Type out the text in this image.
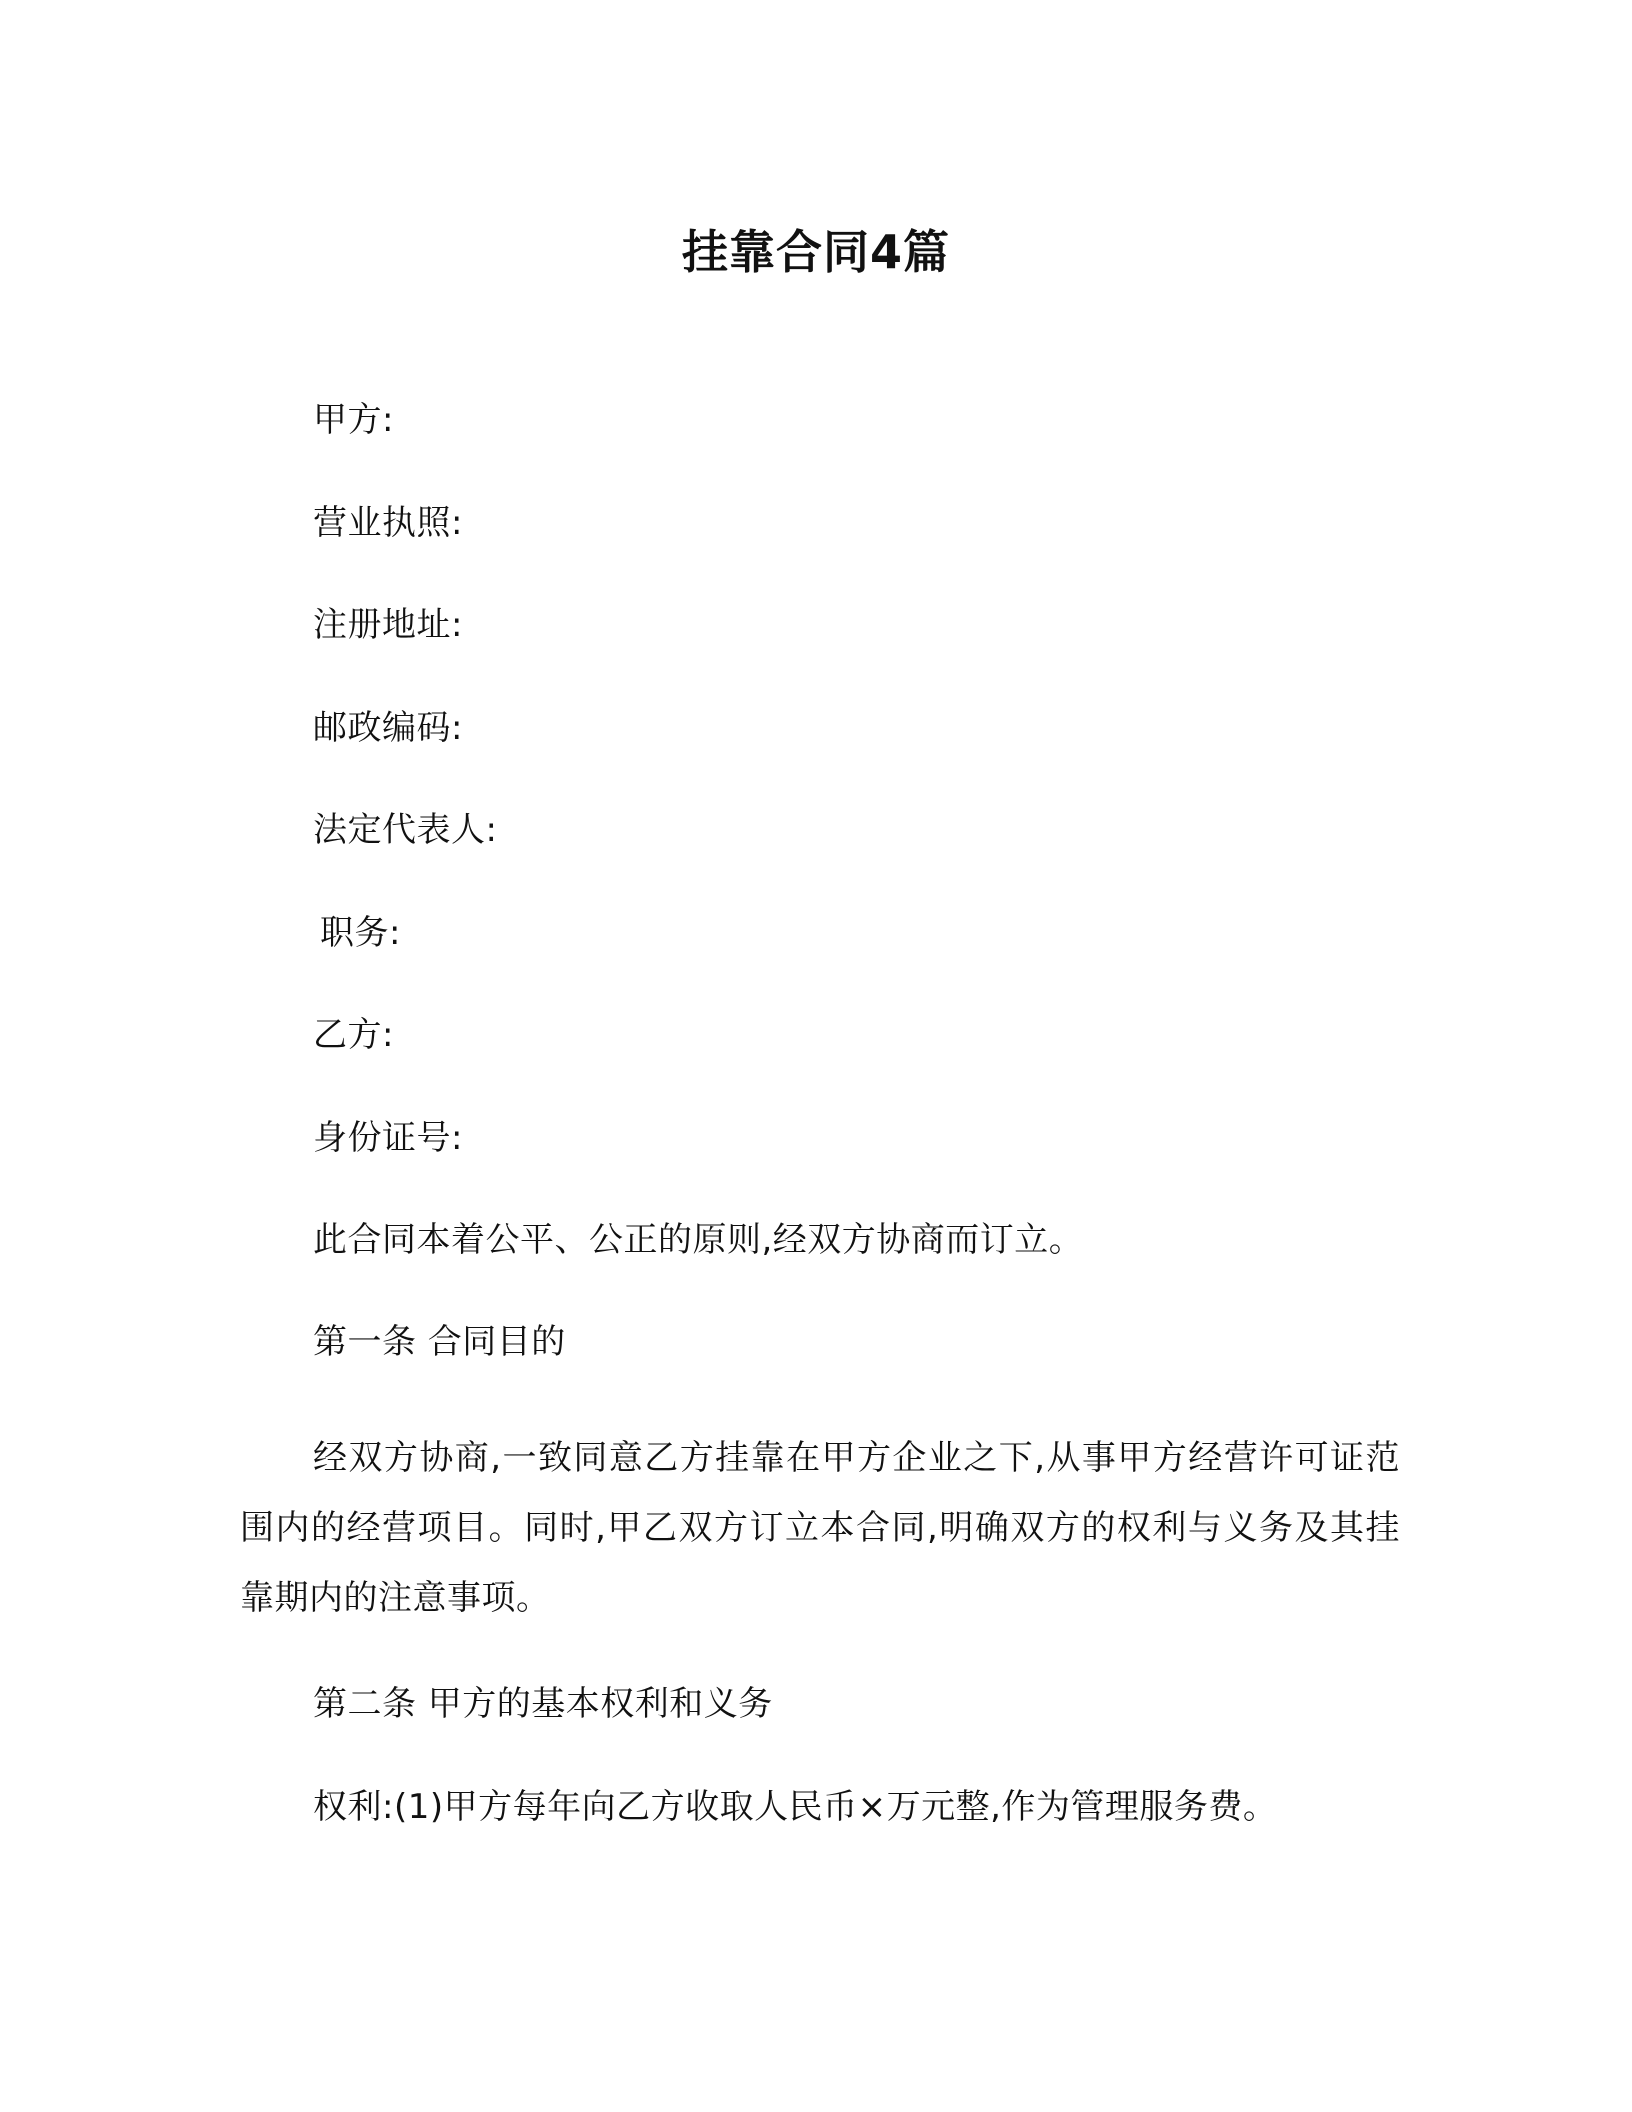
挂靠合同4篇
甲方:
营业执照:
注册地址:
邮政编码:
法定代表人:
职务:
乙方:
身份证号:
此合同本着公平、公正的原则,经双方协商而订立。
第一条 合同目的
经双方协商,一致同意乙方挂靠在甲方企业之下,从事甲方经营许可证范围内的经营项目。同时,甲乙双方订立本合同,明确双方的权利与义务及其挂靠期内的注意事项。
第二条 甲方的基本权利和义务
权利:(1)甲方每年向乙方收取人民币×万元整,作为管理服务费。
